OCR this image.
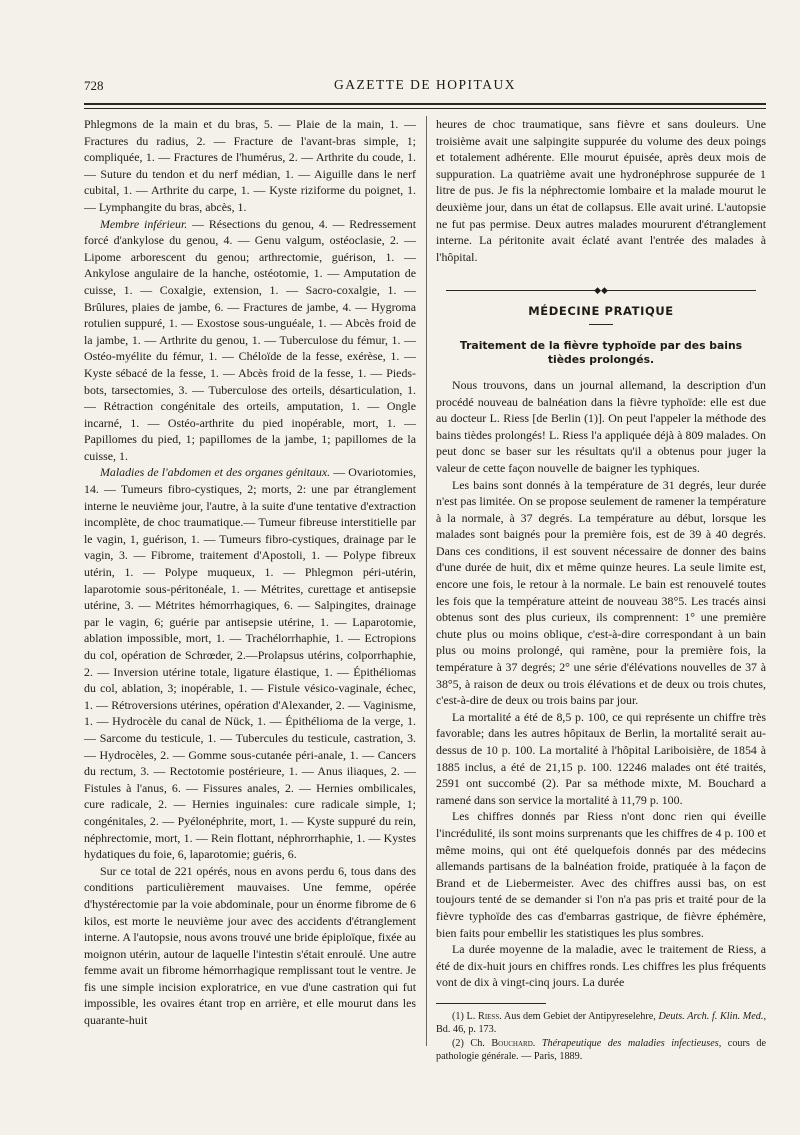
728	GAZETTE DE HOPITAUX

Phlegmons de la main et du bras, 5. — Plaie de la main, 1. — Fractures du radius, 2. — Fracture de l'avant-bras simple, 1; compliquée, 1. — Fractures de l'humérus, 2. — Arthrite du coude, 1. — Suture du tendon et du nerf médian, 1. — Aiguille dans le nerf cubital, 1. — Arthrite du carpe, 1. — Kyste riziforme du poignet, 1. — Lymphangite du bras, abcès, 1.

Membre inférieur. — Résections du genou, 4. — Redressement forcé d'ankylose du genou, 4. — Genu valgum, ostéoclasie, 2. — Lipome arborescent du genou; arthrectomie, guérison, 1. — Ankylose angulaire de la hanche, ostéotomie, 1. — Amputation de cuisse, 1. — Coxalgie, extension, 1. — Sacro-coxalgie, 1. — Brûlures, plaies de jambe, 6. — Fractures de jambe, 4. — Hygroma rotulien suppuré, 1. — Exostose sous-unguéale, 1. — Abcès froid de la jambe, 1. — Arthrite du genou, 1. — Tuberculose du fémur, 1. — Ostéo-myélite du fémur, 1. — Chéloïde de la fesse, exérèse, 1. — Kyste sébacé de la fesse, 1. — Abcès froid de la fesse, 1. — Pieds-bots, tarsectomies, 3. — Tuberculose des orteils, désarticulation, 1. — Rétraction congénitale des orteils, amputation, 1. — Ongle incarné, 1. — Ostéo-arthrite du pied inopérable, mort, 1. — Papillomes du pied, 1; papillomes de la jambe, 1; papillomes de la cuisse, 1.

Maladies de l'abdomen et des organes génitaux. — Ovariotomies, 14. — Tumeurs fibro-cystiques, 2; morts, 2: une par étranglement interne le neuvième jour, l'autre, à la suite d'une tentative d'extraction incomplète, de choc traumatique.— Tumeur fibreuse interstitielle par le vagin, 1, guérison, 1. — Tumeurs fibro-cystiques, drainage par le vagin, 3. — Fibrome, traitement d'Apostoli, 1. — Polype fibreux utérin, 1. — Polype muqueux, 1. — Phlegmon péri-utérin, laparotomie sous-péritonéale, 1. — Métrites, curettage et antisepsie utérine, 3. — Métrites hémorrhagiques, 6. — Salpingites, drainage par le vagin, 6; guérie par antisepsie utérine, 1. — Laparotomie, ablation impossible, mort, 1. — Trachélorrhaphie, 1. — Ectropions du col, opération de Schrœder, 2.—Prolapsus utérins, colporrhaphie, 2. — Inversion utérine totale, ligature élastique, 1. — Épithéliomas du col, ablation, 3; inopérable, 1. — Fistule vésico-vaginale, échec, 1. — Rétroversions utérines, opération d'Alexander, 2. — Vaginisme, 1. — Hydrocèle du canal de Nück, 1. — Épithélioma de la verge, 1. — Sarcome du testicule, 1. — Tubercules du testicule, castration, 3. — Hydrocèles, 2. — Gomme sous-cutanée péri-anale, 1. — Cancers du rectum, 3. — Rectotomie postérieure, 1. — Anus iliaques, 2. — Fistules à l'anus, 6. — Fissures anales, 2. — Hernies ombilicales, cure radicale, 2. — Hernies inguinales: cure radicale simple, 1; congénitales, 2. — Pyélonéphrite, mort, 1. — Kyste suppuré du rein, néphrectomie, mort, 1. — Rein flottant, néphrorrhaphie, 1. — Kystes hydatiques du foie, 6, laparotomie; guéris, 6.

Sur ce total de 221 opérés, nous en avons perdu 6, tous dans des conditions particulièrement mauvaises. Une femme, opérée d'hystérectomie par la voie abdominale, pour un énorme fibrome de 6 kilos, est morte le neuvième jour avec des accidents d'étranglement interne. A l'autopsie, nous avons trouvé une bride épiploïque, fixée au moignon utérin, autour de laquelle l'intestin s'était enroulé. Une autre femme avait un fibrome hémorrhagique remplissant tout le ventre. Je fis une simple incision exploratrice, en vue d'une castration qui fut impossible, les ovaires étant trop en arrière, et elle mourut dans les quarante-huit

heures de choc traumatique, sans fièvre et sans douleurs. Une troisième avait une salpingite suppurée du volume des deux poings et totalement adhérente. Elle mourut épuisée, après deux mois de suppuration. La quatrième avait une hydronéphrose suppurée de 1 litre de pus. Je fis la néphrectomie lombaire et la malade mourut le deuxième jour, dans un état de collapsus. Elle avait uriné. L'autopsie ne fut pas permise. Deux autres malades moururent d'étranglement interne. La péritonite avait éclaté avant l'entrée des malades à l'hôpital.

◆◆
MÉDECINE PRATIQUE
Traitement de la fièvre typhoïde par des bains tièdes prolongés.

Nous trouvons, dans un journal allemand, la description d'un procédé nouveau de balnéation dans la fièvre typhoïde: elle est due au docteur L. Riess [de Berlin (1)]. On peut l'appeler la méthode des bains tièdes prolongés! L. Riess l'a appliquée déjà à 809 malades. On peut donc se baser sur les résultats qu'il a obtenus pour juger la valeur de cette façon nouvelle de baigner les typhiques.

Les bains sont donnés à la température de 31 degrés, leur durée n'est pas limitée. On se propose seulement de ramener la température à la normale, à 37 degrés. La température au début, lorsque les malades sont baignés pour la première fois, est de 39 à 40 degrés. Dans ces conditions, il est souvent nécessaire de donner des bains d'une durée de huit, dix et même quinze heures. La seule limite est, encore une fois, le retour à la normale. Le bain est renouvelé toutes les fois que la température atteint de nouveau 38°5. Les tracés ainsi obtenus sont des plus curieux, ils comprennent: 1° une première chute plus ou moins oblique, c'est-à-dire correspondant à un bain plus ou moins prolongé, qui ramène, pour la première fois, la température à 37 degrés; 2° une série d'élévations nouvelles de 37 à 38°5, à raison de deux ou trois élévations et de deux ou trois chutes, c'est-à-dire de deux ou trois bains par jour.

La mortalité a été de 8,5 p. 100, ce qui représente un chiffre très favorable; dans les autres hôpitaux de Berlin, la mortalité serait au-dessus de 10 p. 100. La mortalité à l'hôpital Lariboisière, de 1854 à 1885 inclus, a été de 21,15 p. 100. 12246 malades ont été traités, 2591 ont succombé (2). Par sa méthode mixte, M. Bouchard a ramené dans son service la mortalité à 11,79 p. 100.

Les chiffres donnés par Riess n'ont donc rien qui éveille l'incrédulité, ils sont moins surprenants que les chiffres de 4 p. 100 et même moins, qui ont été quelquefois donnés par des médecins allemands partisans de la balnéation froide, pratiquée à la façon de Brand et de Liebermeister. Avec des chiffres aussi bas, on est toujours tenté de se demander si l'on n'a pas pris et traité pour de la fièvre typhoïde des cas d'embarras gastrique, de fièvre éphémère, bien faits pour embellir les statistiques les plus sombres.

La durée moyenne de la maladie, avec le traitement de Riess, a été de dix-huit jours en chiffres ronds. Les chiffres les plus fréquents vont de dix à vingt-cinq jours. La durée

(1) L. Riess. Aus dem Gebiet der Antipyreselehre, Deuts. Arch. f. Klin. Med., Bd. 46, p. 173.

(2) Ch. Bouchard. Thérapeutique des maladies infectieuses, cours de pathologie générale. — Paris, 1889.
